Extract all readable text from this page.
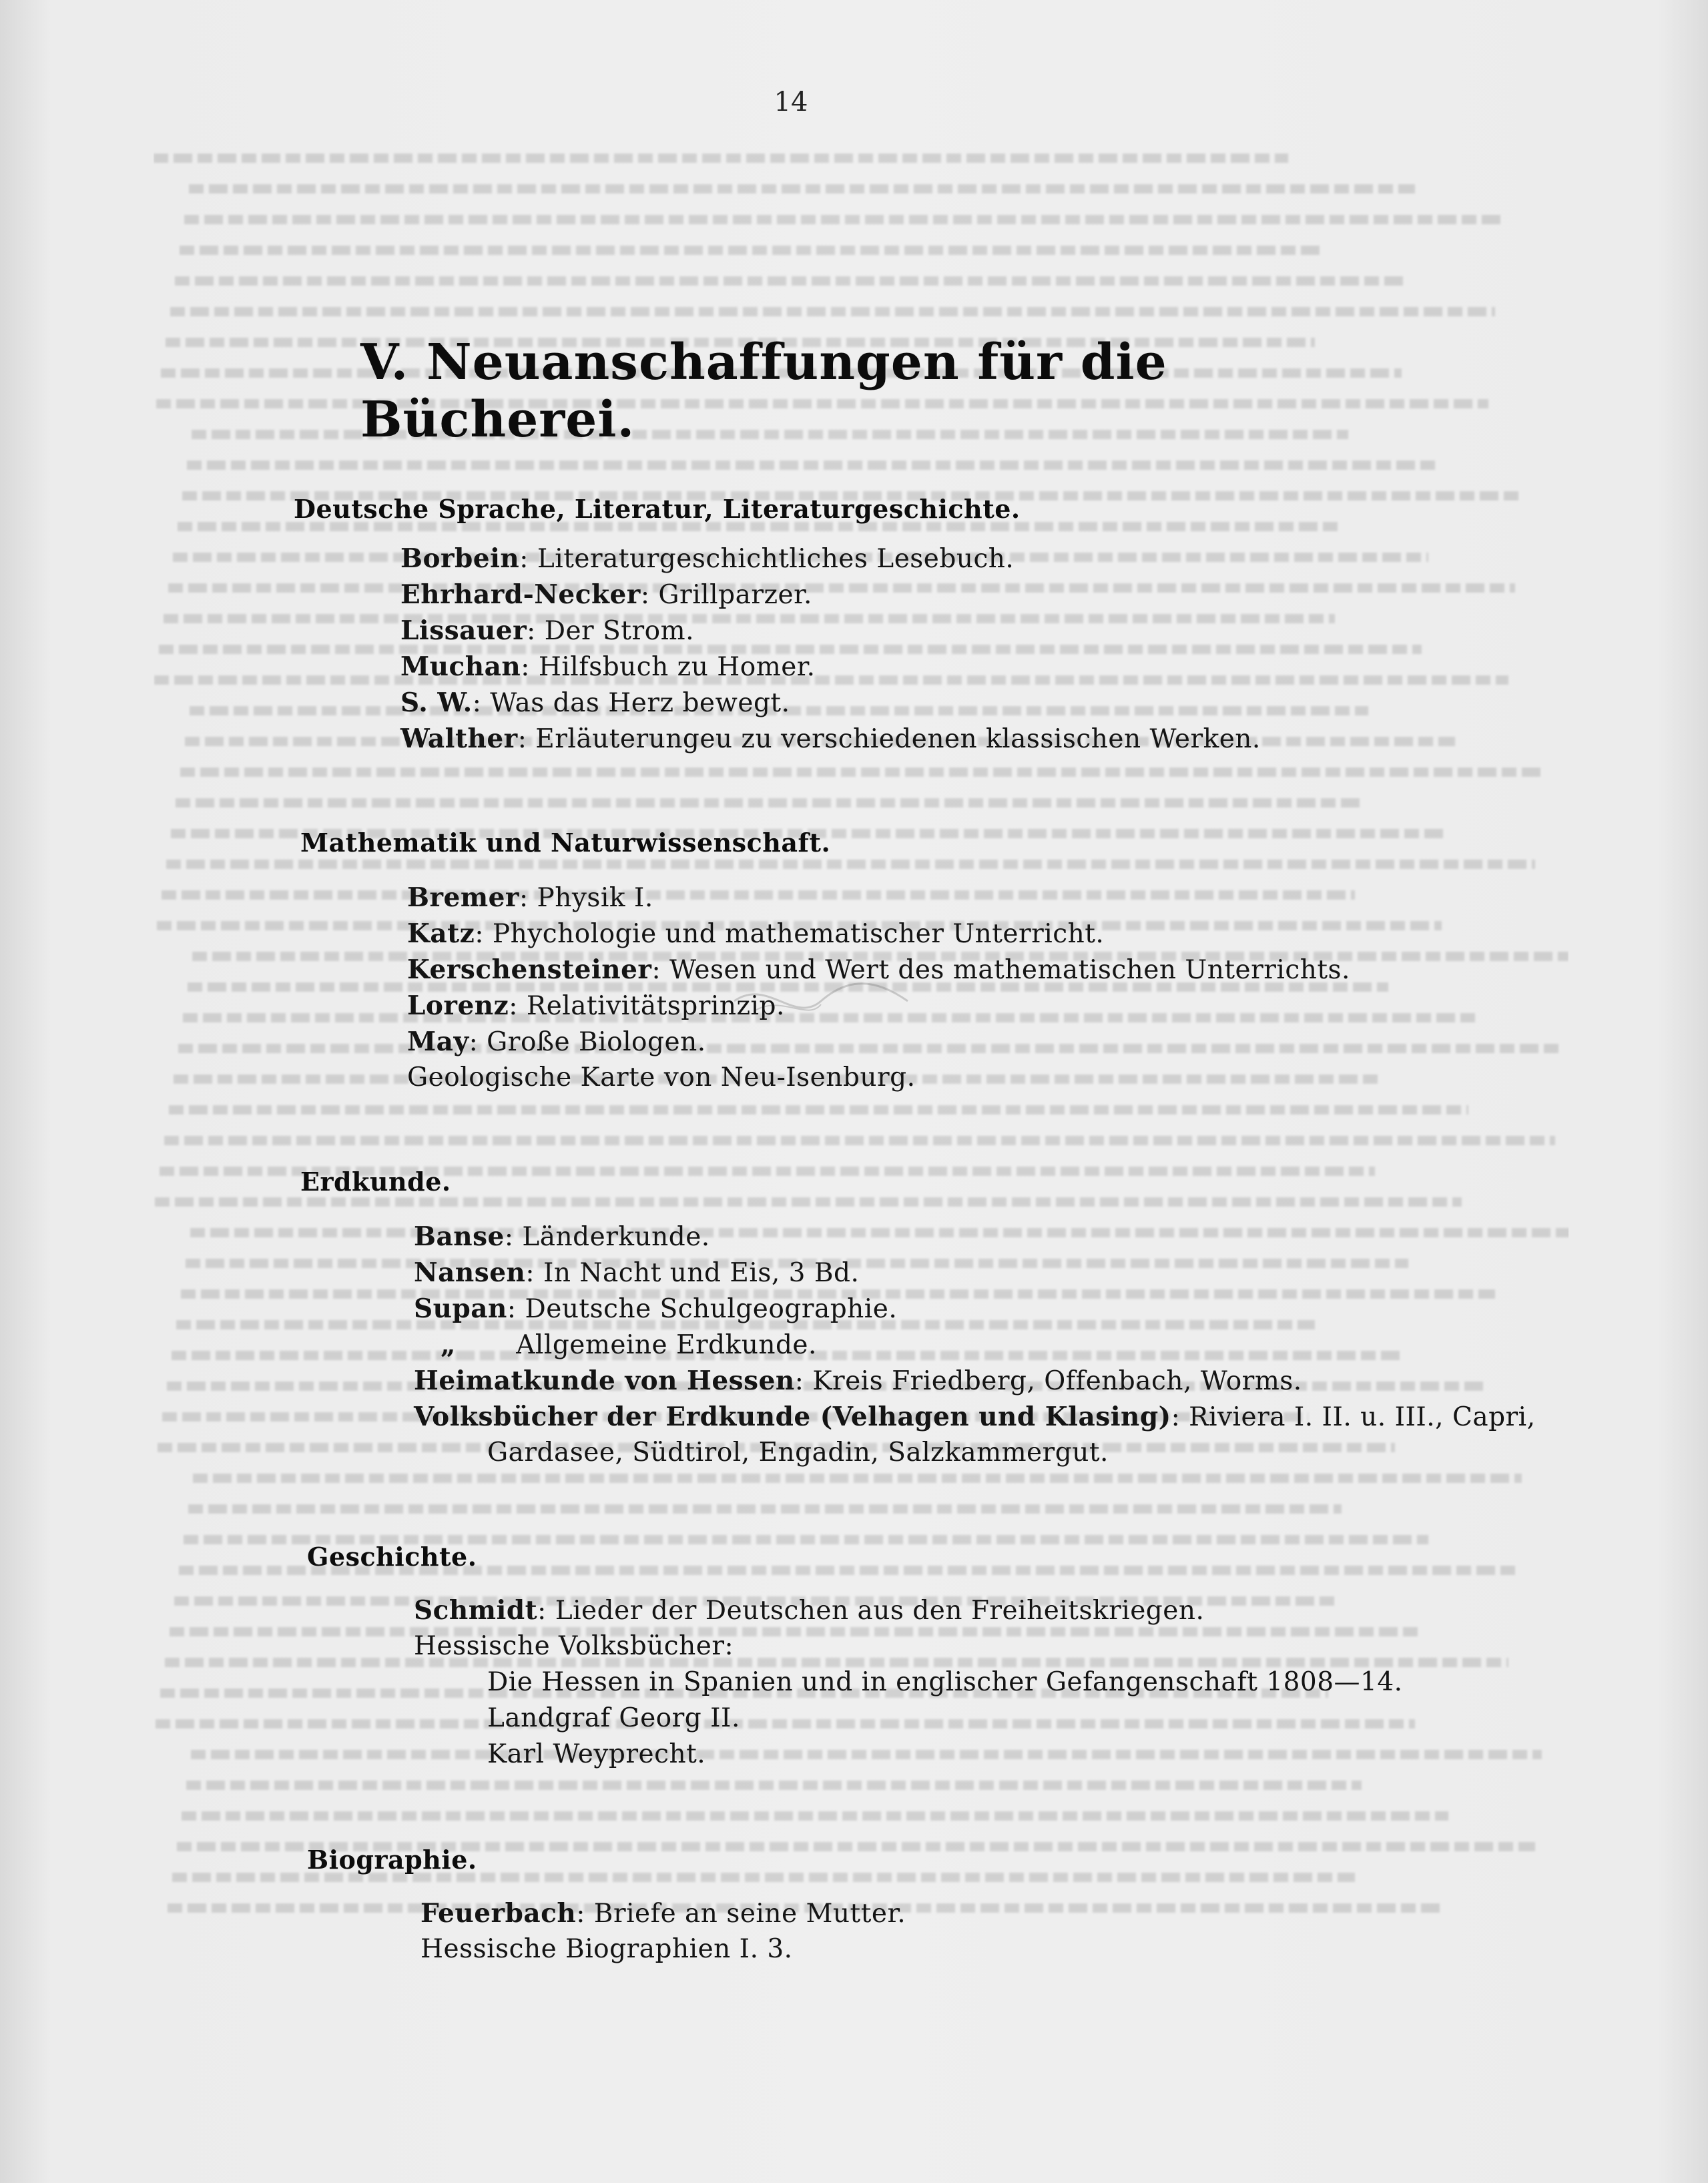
14
V. Neuanschaffungen für die Bücherei.
Deutsche Sprache, Literatur, Literaturgeschichte.
Borbein: Literaturgeschichtliches Lesebuch.
Ehrhard-Necker: Grillparzer.
Lissauer: Der Strom.
Muchan: Hilfsbuch zu Homer.
S. W.: Was das Herz bewegt.
Walther: Erläuterungeu zu verschiedenen klassischen Werken.
Mathematik und Naturwissenschaft.
Bremer: Physik I.
Katz: Phychologie und mathematischer Unterricht.
Kerschensteiner: Wesen und Wert des mathematischen Unterrichts.
Lorenz: Relativitätsprinzip.
May: Große Biologen.
Geologische Karte von Neu-Isenburg.
Erdkunde.
Banse: Länderkunde.
Nansen: In Nacht und Eis, 3 Bd.
Supan: Deutsche Schulgeographie.
„ Allgemeine Erdkunde.
Heimatkunde von Hessen: Kreis Friedberg, Offenbach, Worms.
Volksbücher der Erdkunde (Velhagen und Klasing): Riviera I. II. u. III., Capri,
Gardasee, Südtirol, Engadin, Salzkammergut.
Geschichte.
Schmidt: Lieder der Deutschen aus den Freiheitskriegen.
Hessische Volksbücher:
Die Hessen in Spanien und in englischer Gefangenschaft 1808—14.
Landgraf Georg II.
Karl Weyprecht.
Biographie.
Feuerbach: Briefe an seine Mutter.
Hessische Biographien I. 3.
